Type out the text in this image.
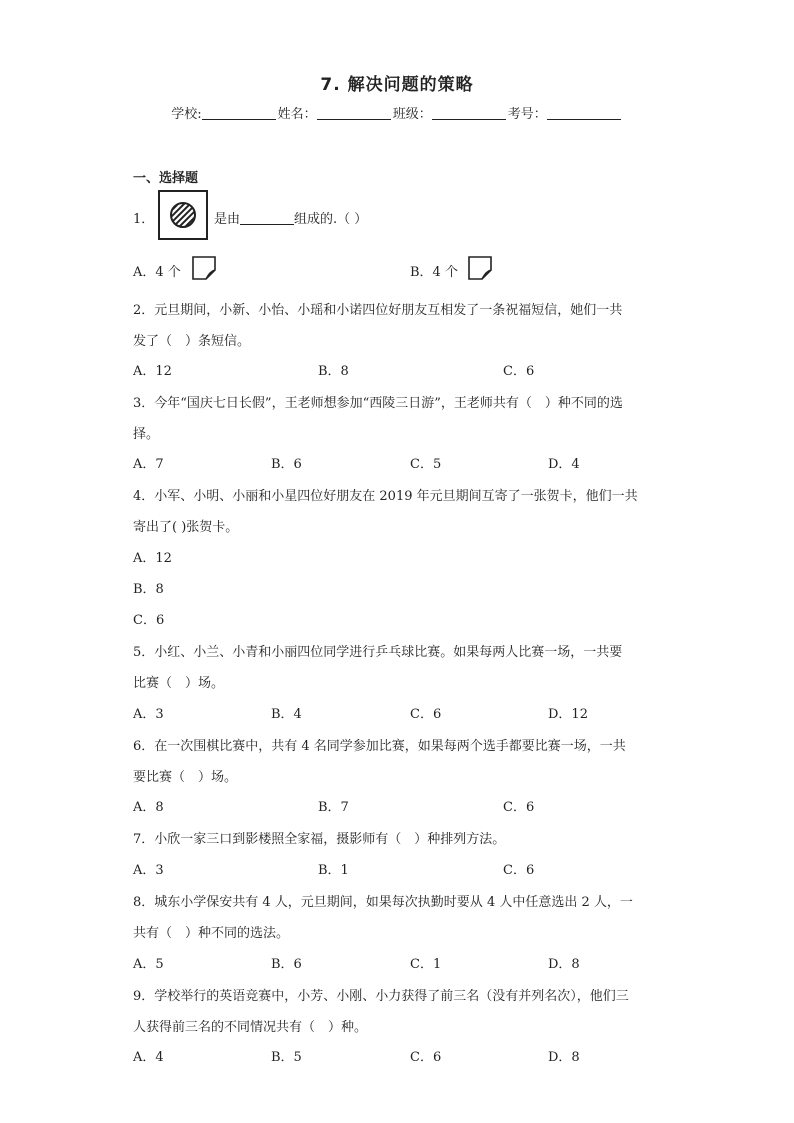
7. 解决问题的策略
学校:	姓名：	班级：	考号：
一、选择题
1．	是由	组成的.（ ）
A．4 个	B．4 个
2．元旦期间，小新、小怡、小瑶和小诺四位好朋友互相发了一条祝福短信，她们一共
发了（　）条短信。
A．12	B．8	C．6
3．今年“国庆七日长假”，王老师想参加“西陵三日游”，王老师共有（　）种不同的选
择。
A．7	B．6	C．5	D．4
4．小军、小明、小丽和小星四位好朋友在 2019 年元旦期间互寄了一张贺卡，他们一共
寄出了( )张贺卡。
A．12
B．8
C．6
5．小红、小兰、小青和小丽四位同学进行乒乓球比赛。如果每两人比赛一场，一共要
比赛（　）场。
A．3	B．4	C．6	D．12
6．在一次围棋比赛中，共有 4 名同学参加比赛，如果每两个选手都要比赛一场，一共
要比赛（　）场。
A．8	B．7	C．6
7．小欣一家三口到影楼照全家福，摄影师有（　）种排列方法。
A．3	B．1	C．6
8．城东小学保安共有 4 人，元旦期间，如果每次执勤时要从 4 人中任意选出 2 人，一
共有（　）种不同的选法。
A．5	B．6	C．1	D．8
9．学校举行的英语竞赛中，小芳、小刚、小力获得了前三名（没有并列名次），他们三
人获得前三名的不同情况共有（　）种。
A．4	B．5	C．6	D．8
